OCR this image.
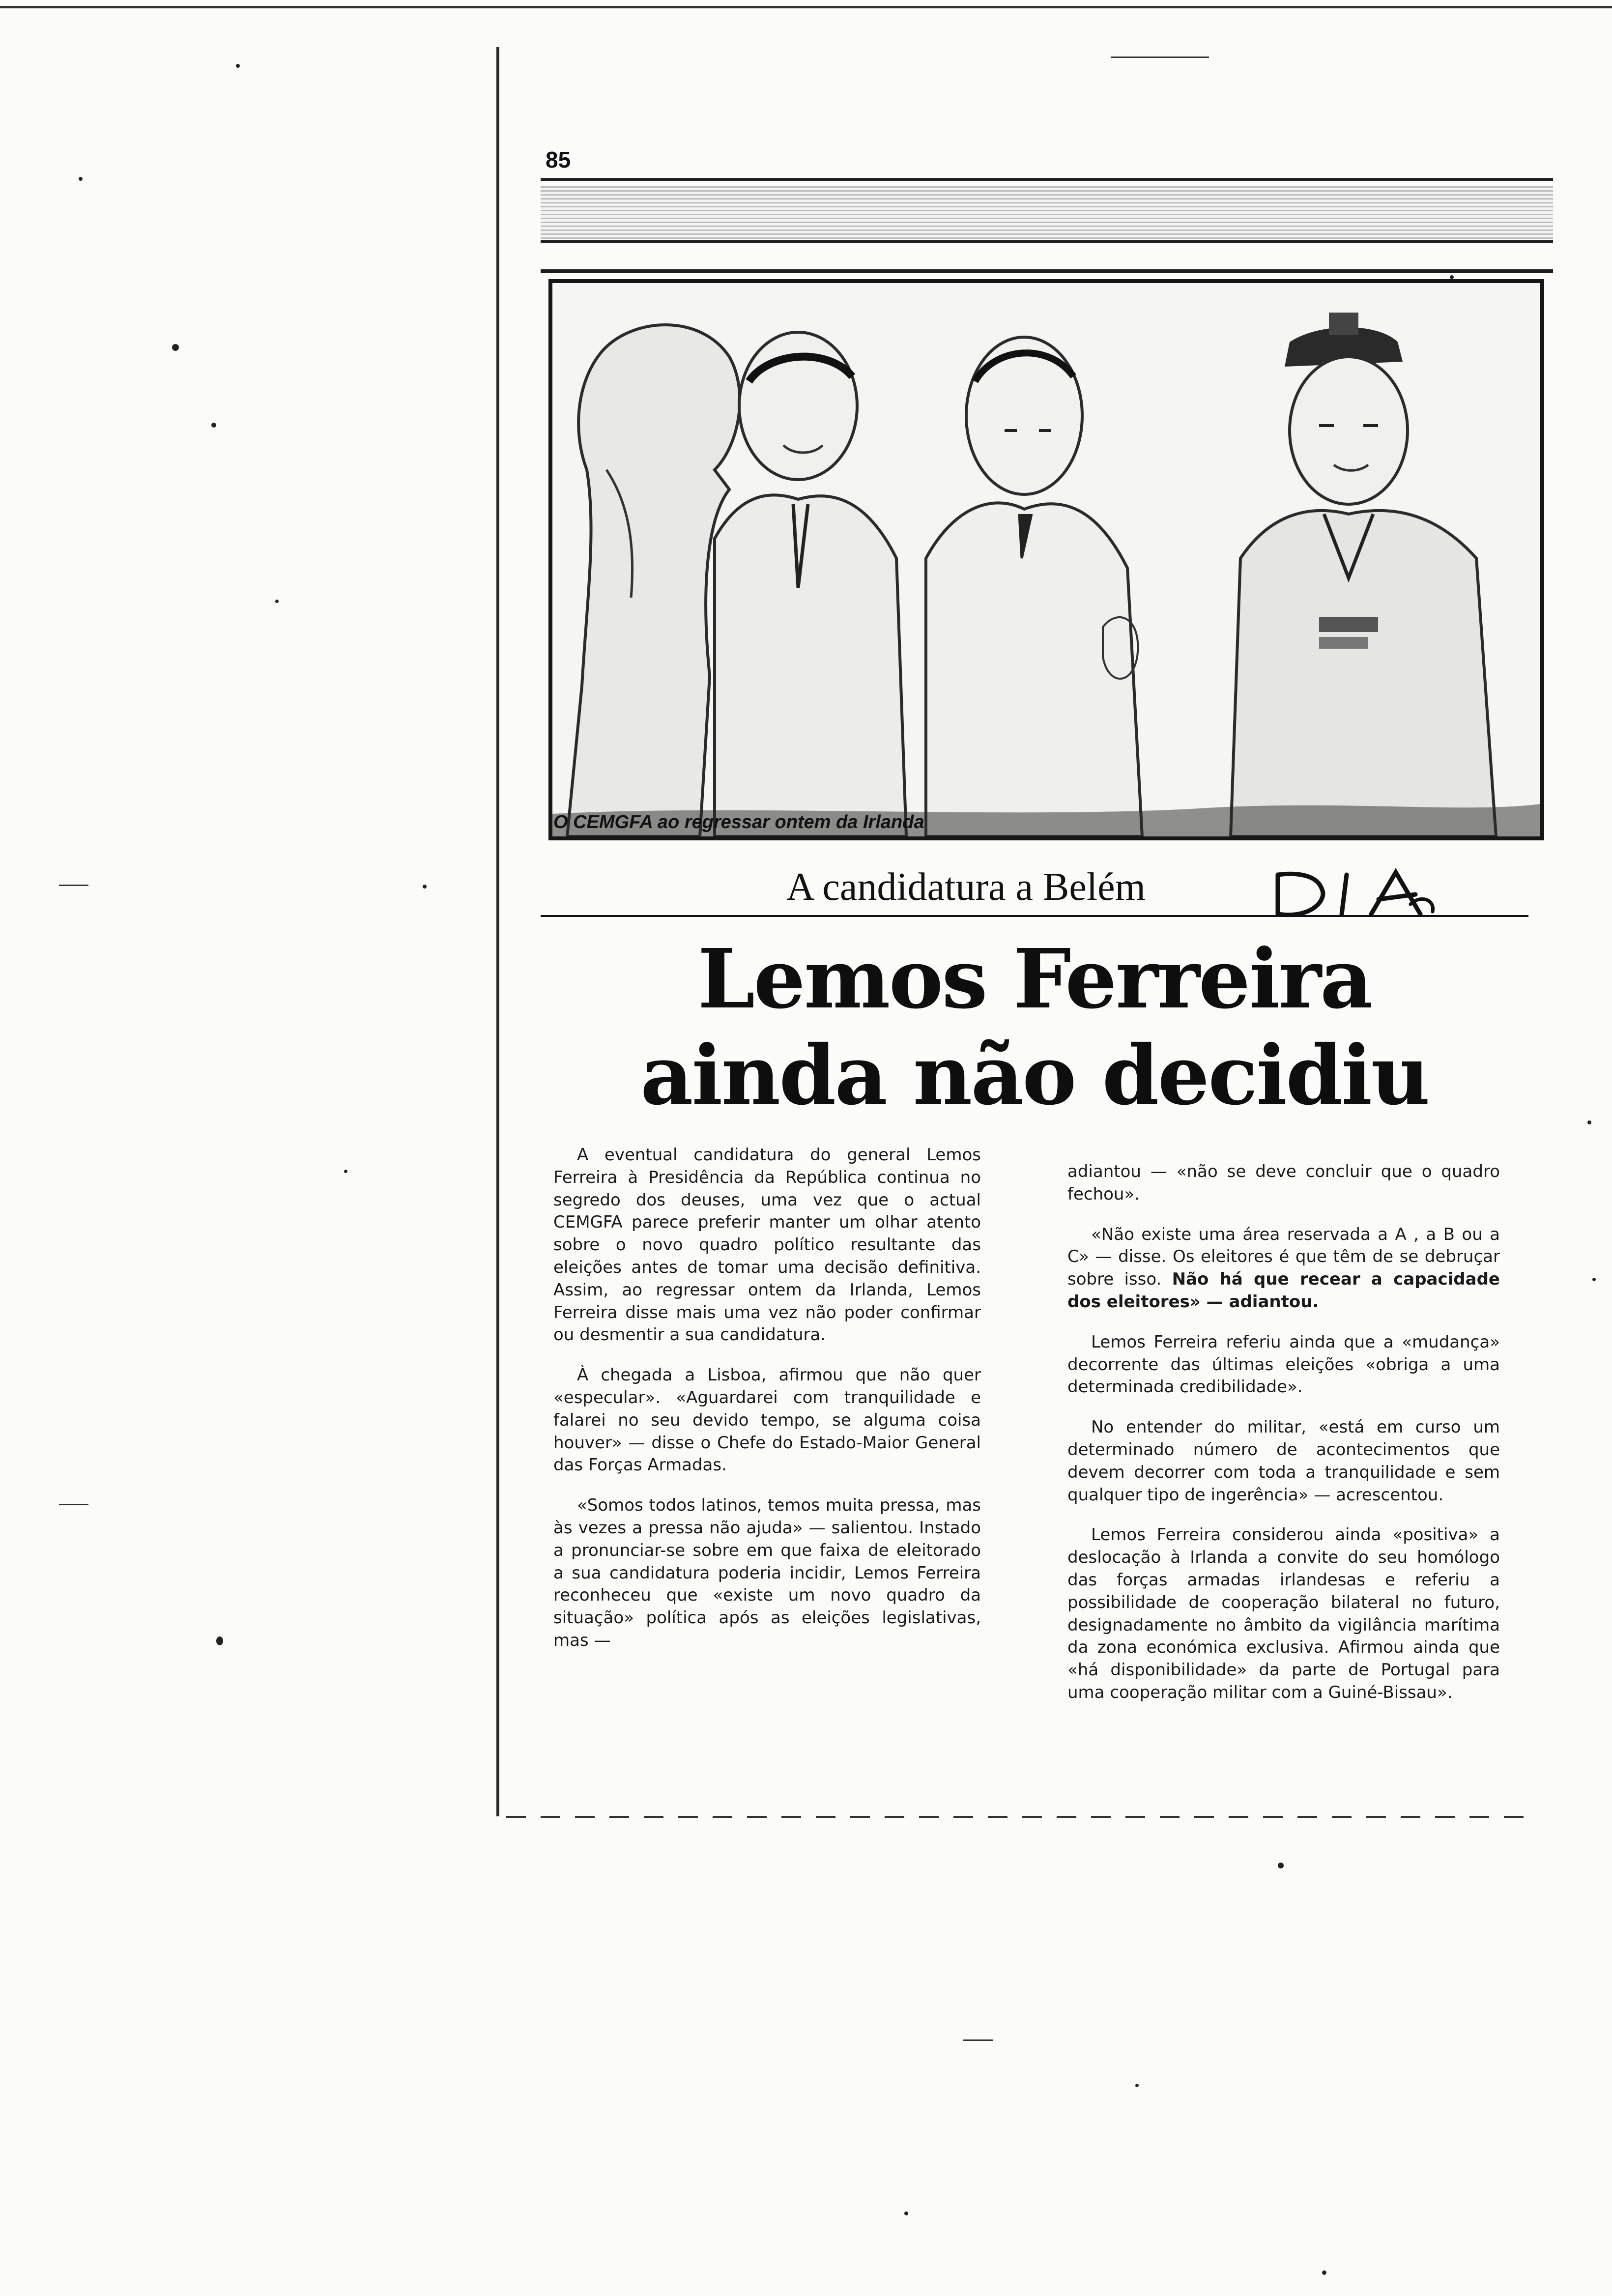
85
O CEMGFA ao regressar ontem da Irlanda
A candidatura a Belém
Lemos Ferreira
ainda não decidiu

A eventual candidatura do general Lemos Ferreira à Presidência da República continua no segredo dos deuses, uma vez que o actual CEMGFA parece preferir manter um olhar atento sobre o novo quadro político resultante das eleições antes de tomar uma decisão definitiva. Assim, ao regressar ontem da Irlanda, Lemos Ferreira disse mais uma vez não poder confirmar ou desmentir a sua candidatura.

À chegada a Lisboa, afirmou que não quer «especular». «Aguardarei com tranquilidade e falarei no seu devido tempo, se alguma coisa houver» — disse o Chefe do Estado-Maior General das Forças Armadas.

«Somos todos latinos, temos muita pressa, mas às vezes a pressa não ajuda» — salientou. Instado a pronunciar-se sobre em que faixa de eleitorado a sua candidatura poderia incidir, Lemos Ferreira reconheceu que «existe um novo quadro da situação» política após as eleições legislativas, mas —

adiantou — «não se deve concluir que o quadro fechou».

«Não existe uma área reservada a A , a B ou a C» — disse. Os eleitores é que têm de se debruçar sobre isso. Não há que recear a capacidade dos eleitores» — adiantou.

Lemos Ferreira referiu ainda que a «mudança» decorrente das últimas eleições «obriga a uma determinada credibilidade».

No entender do militar, «está em curso um determinado número de acontecimentos que devem decorrer com toda a tranquilidade e sem qualquer tipo de ingerência» — acrescentou.

Lemos Ferreira considerou ainda «positiva» a deslocação à Irlanda a convite do seu homólogo das forças armadas irlandesas e referiu a possibilidade de cooperação bilateral no futuro, designadamente no âmbito da vigilância marítima da zona económica exclusiva. Afirmou ainda que «há disponibilidade» da parte de Portugal para uma cooperação militar com a Guiné-Bissau».
